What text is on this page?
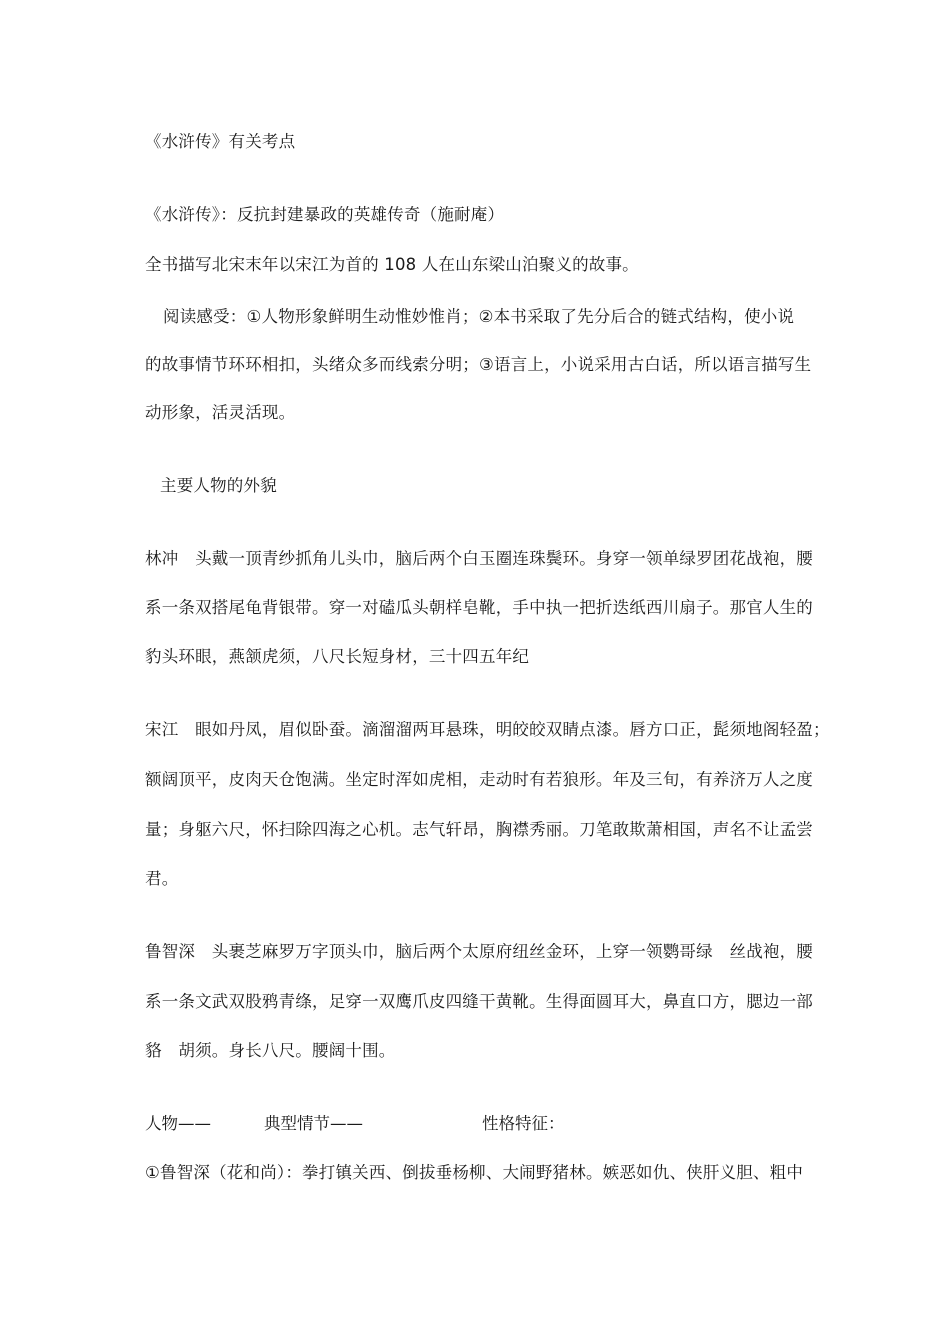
《水浒传》有关考点
《水浒传》：反抗封建暴政的英雄传奇（施耐庵）
全书描写北宋末年以宋江为首的 108 人在山东梁山泊聚义的故事。
阅读感受：①人物形象鲜明生动惟妙惟肖；②本书采取了先分后合的链式结构，使小说
的故事情节环环相扣，头绪众多而线索分明；③语言上，小说采用古白话，所以语言描写生
动形象，活灵活现。
主要人物的外貌
林冲　头戴一顶青纱抓角儿头巾，脑后两个白玉圈连珠鬓环。身穿一领单绿罗团花战袍，腰
系一条双搭尾龟背银带。穿一对磕瓜头朝样皂靴，手中执一把折迭纸西川扇子。那官人生的
豹头环眼，燕颔虎须，八尺长短身材，三十四五年纪
宋江　眼如丹凤，眉似卧蚕。滴溜溜两耳悬珠，明皎皎双睛点漆。唇方口正，髭须地阁轻盈；
额阔顶平，皮肉天仓饱满。坐定时浑如虎相，走动时有若狼形。年及三旬，有养济万人之度
量；身躯六尺，怀扫除四海之心机。志气轩昂，胸襟秀丽。刀笔敢欺萧相国，声名不让孟尝
君。
鲁智深　头裹芝麻罗万字顶头巾，脑后两个太原府纽丝金环，上穿一领鹦哥绿　丝战袍，腰
系一条文武双股鸦青绦，足穿一双鹰爪皮四缝干黄靴。生得面圆耳大，鼻直口方，腮边一部
貉　胡须。身长八尺。腰阔十围。
人物——	典型情节——	性格特征：
①鲁智深（花和尚）：拳打镇关西、倒拔垂杨柳、大闹野猪林。嫉恶如仇、侠肝义胆、粗中
